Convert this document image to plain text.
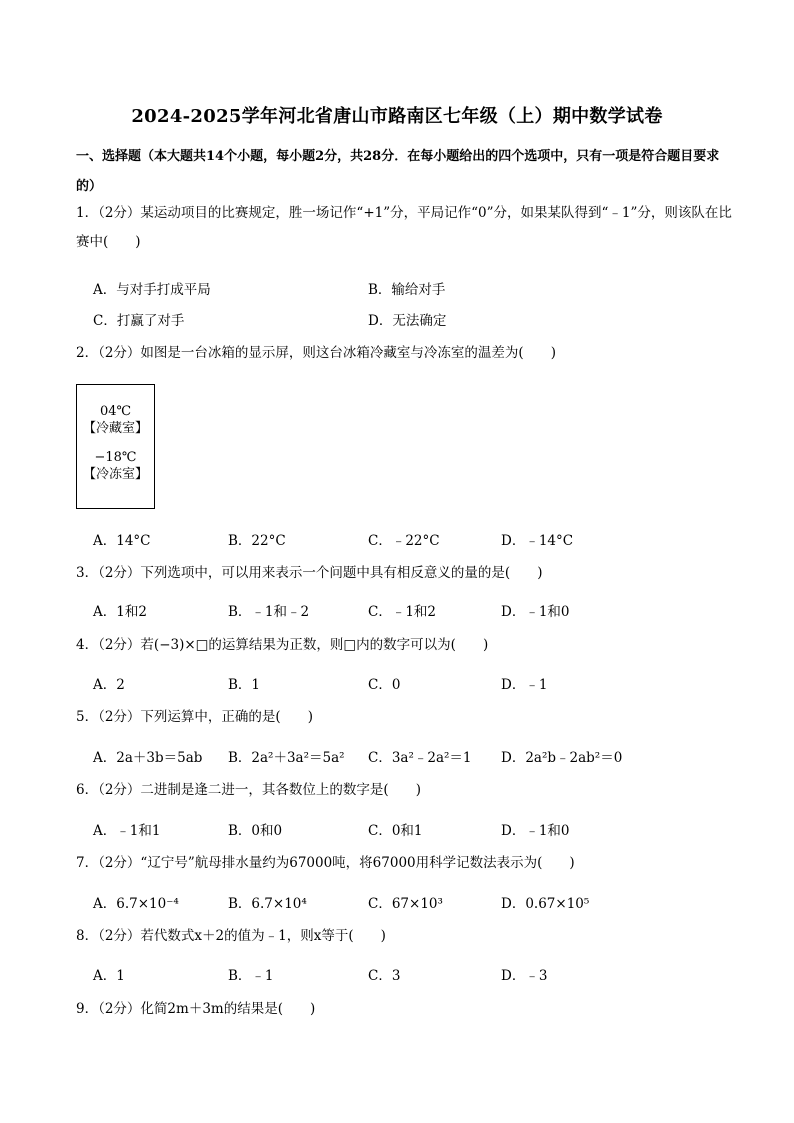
2024-2025学年河北省唐山市路南区七年级（上）期中数学试卷
一、选择题（本大题共14个小题，每小题2分，共28分．在每小题给出的四个选项中，只有一项是符合题目要求的）
1．（2分）某运动项目的比赛规定，胜一场记作“+1”分，平局记作“0”分，如果某队得到“﹣1”分，则该队在比赛中(　　)
A．与对手打成平局	B．输给对手
C．打赢了对手	D．无法确定
2．（2分）如图是一台冰箱的显示屏，则这台冰箱冷藏室与冷冻室的温差为(　　)
04℃
【冷藏室】
−18℃
【冷冻室】
A．14°C	B．22°C	C．﹣22°C	D．﹣14°C
3．（2分）下列选项中，可以用来表示一个问题中具有相反意义的量的是(　　)
A．1和2	B．﹣1和﹣2	C．﹣1和2	D．﹣1和0
4．（2分）若(−3)×□的运算结果为正数，则□内的数字可以为(　　)
A．2	B．1	C．0	D．﹣1
5．（2分）下列运算中，正确的是(　　)
A．2a＋3b＝5ab B．2a²＋3a²＝5a² C．3a²﹣2a²＝1 D．2a²b﹣2ab²＝0
6．（2分）二进制是逢二进一，其各数位上的数字是(　　)
A．﹣1和1	B．0和0	C．0和1	D．﹣1和0
7．（2分）“辽宁号”航母排水量约为67000吨，将67000用科学记数法表示为(　　)
A．6.7×10⁻⁴	B．6.7×10⁴	C．67×10³	D．0.67×10⁵
8．（2分）若代数式x＋2的值为﹣1，则x等于(　　)
A．1	B．﹣1	C．3	D．﹣3
9．（2分）化简2m＋3m的结果是(　　)
